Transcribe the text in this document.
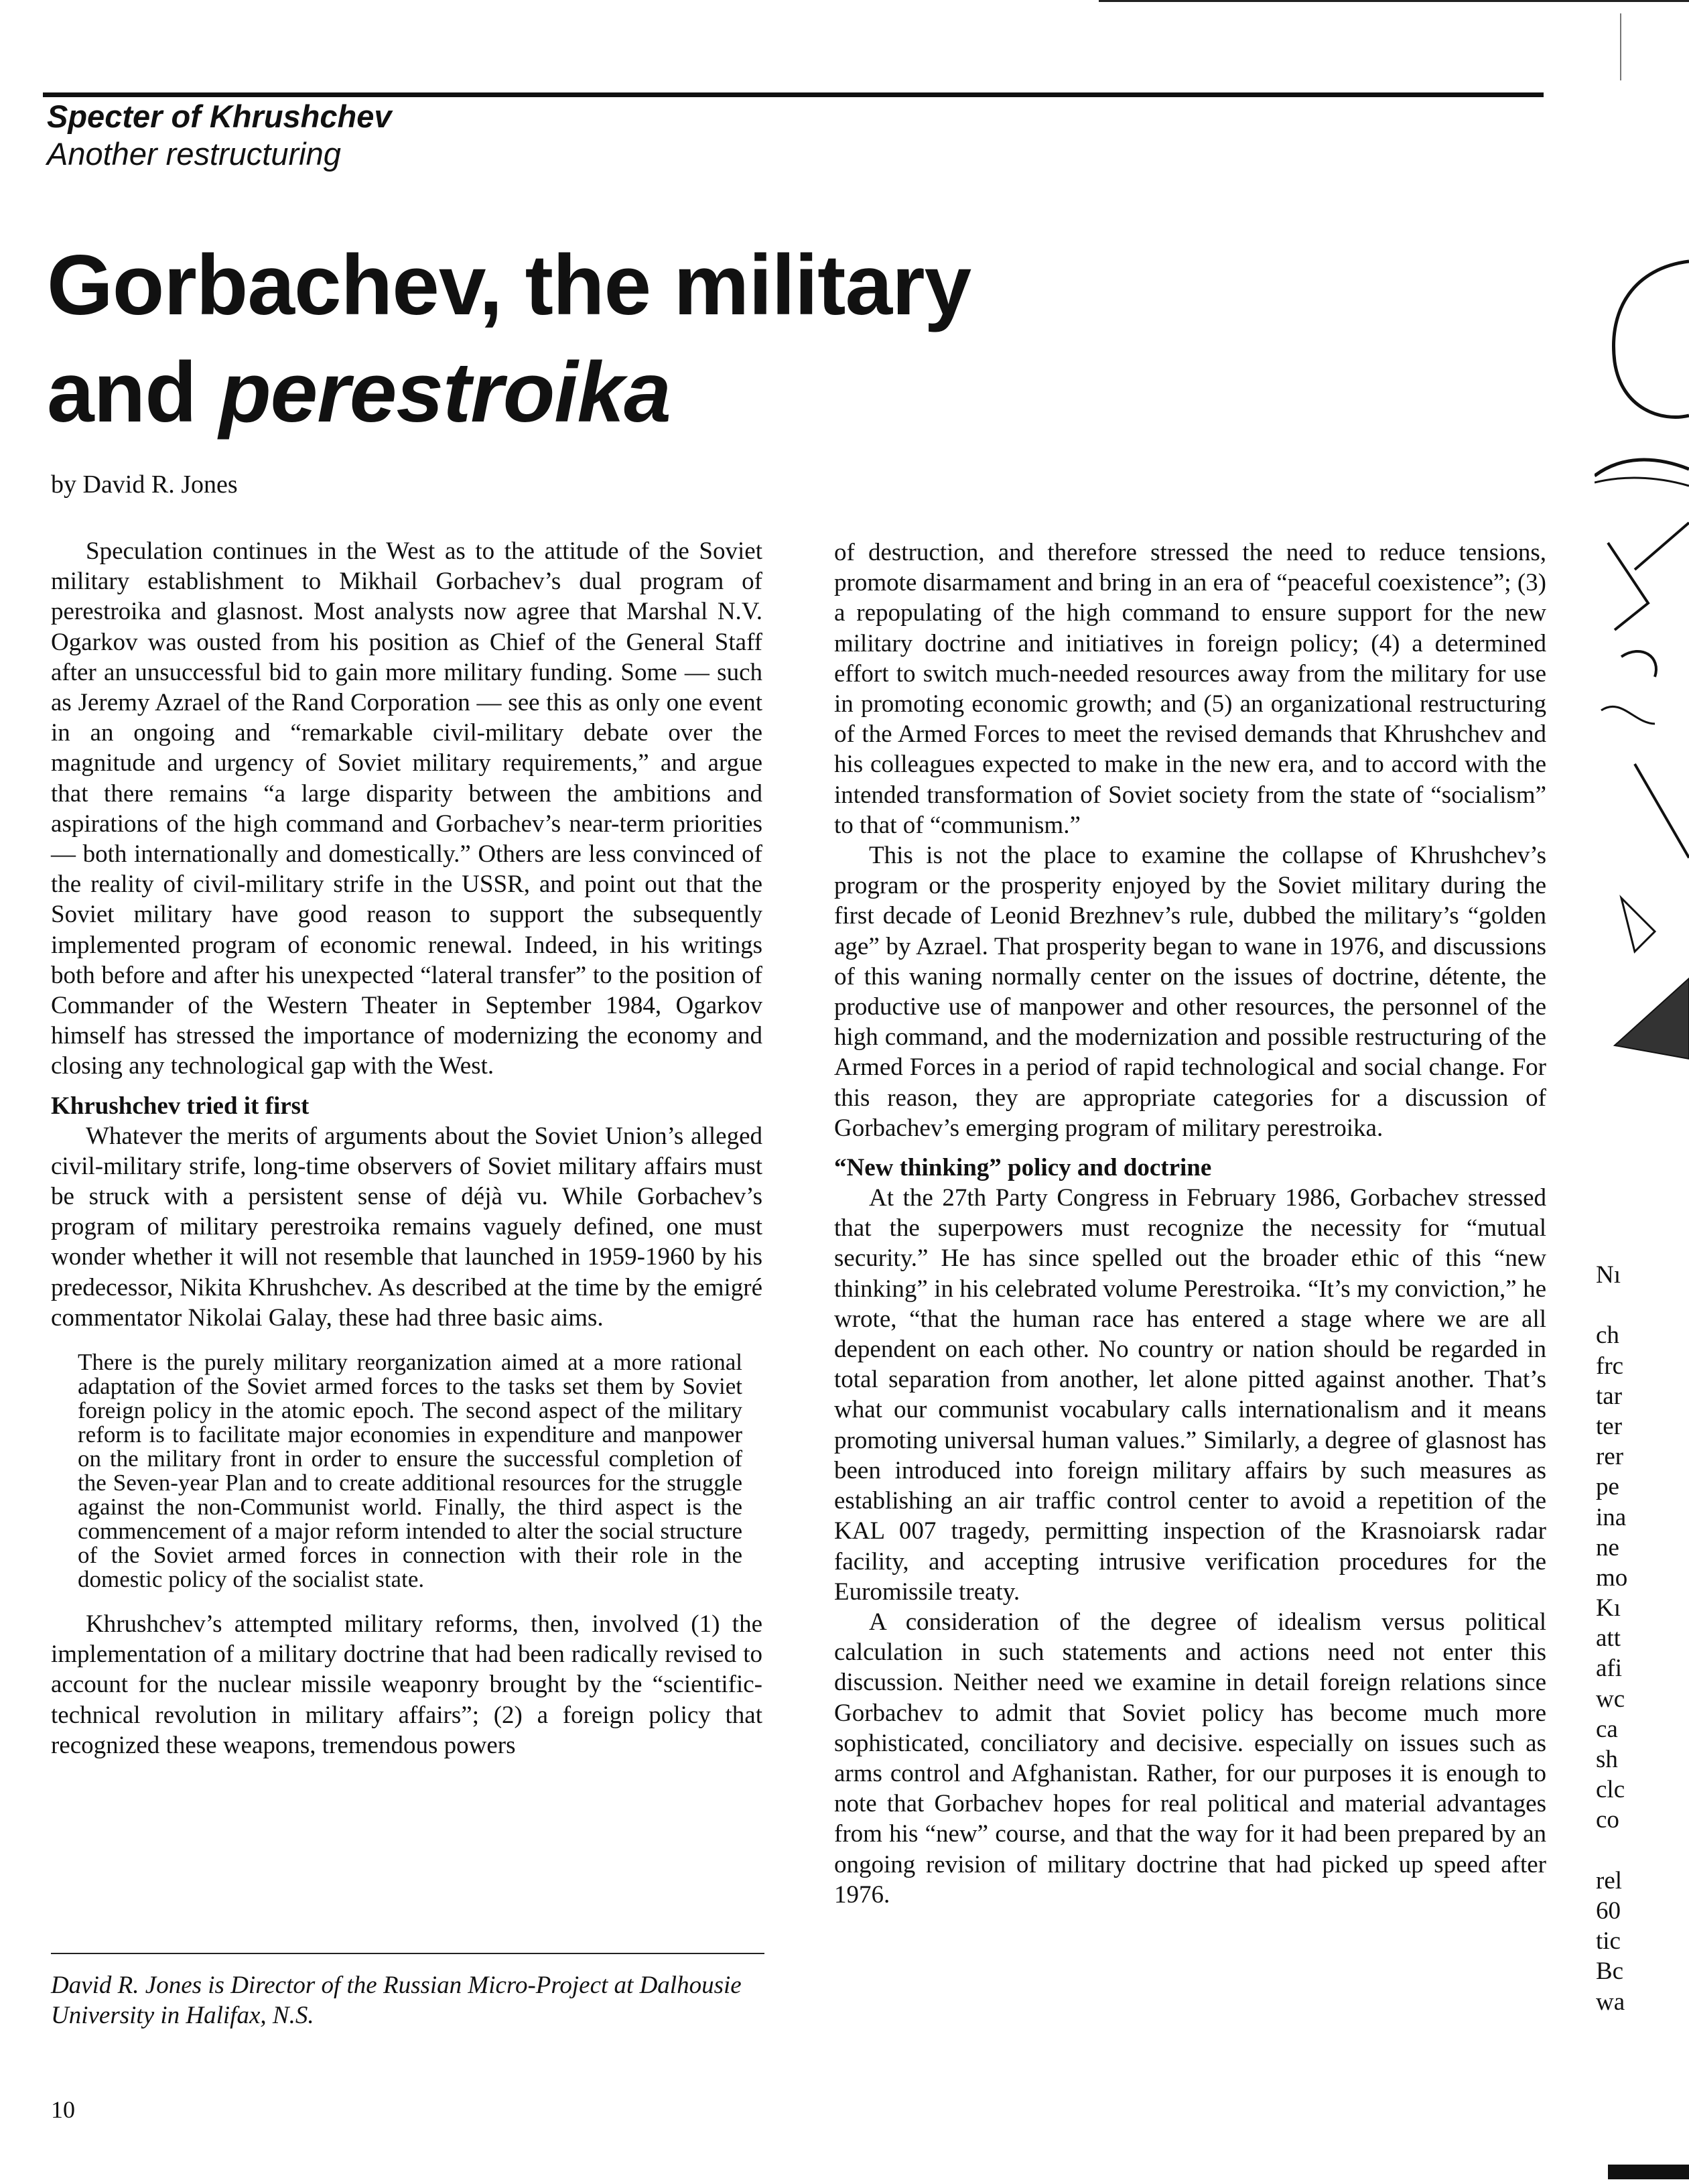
Specter of Khrushchev
Another restructuring
Gorbachev, the military
and perestroika
by David R. Jones

Speculation continues in the West as to the attitude of the Soviet military establishment to Mikhail Gorbachev’s dual program of perestroika and glasnost. Most analysts now agree that Marshal N.V. Ogarkov was ousted from his position as Chief of the General Staff after an unsuccessful bid to gain more military funding. Some — such as Jeremy Azrael of the Rand Corporation — see this as only one event in an ongoing and “remarkable civil-military debate over the magnitude and urgency of Soviet military requirements,” and argue that there remains “a large disparity between the ambitions and aspirations of the high command and Gorbachev’s near-term priorities — both internationally and domestically.” Others are less convinced of the reality of civil-military strife in the USSR, and point out that the Soviet military have good reason to support the subsequently implemented program of economic renewal. Indeed, in his writings both before and after his unexpected “lateral transfer” to the position of Commander of the Western Theater in September 1984, Ogarkov himself has stressed the importance of modernizing the economy and closing any technological gap with the West.

Khrushchev tried it first

Whatever the merits of arguments about the Soviet Union’s alleged civil-military strife, long-time observers of Soviet military affairs must be struck with a persistent sense of déjà vu. While Gorbachev’s program of military perestroika remains vaguely defined, one must wonder whether it will not resemble that launched in 1959-1960 by his predecessor, Nikita Khrushchev. As described at the time by the emigré commentator Nikolai Galay, these had three basic aims.

There is the purely military reorganization aimed at a more rational adaptation of the Soviet armed forces to the tasks set them by Soviet foreign policy in the atomic epoch. The second aspect of the military reform is to facilitate major economies in expenditure and manpower on the military front in order to ensure the successful completion of the Seven-year Plan and to create additional resources for the struggle against the non-Communist world. Finally, the third aspect is the commencement of a major reform intended to alter the social structure of the Soviet armed forces in connection with their role in the domestic policy of the socialist state.

Khrushchev’s attempted military reforms, then, involved (1) the implementation of a military doctrine that had been radically revised to account for the nuclear missile weaponry brought by the “scientific-technical revolution in military affairs”; (2) a foreign policy that recognized these weapons, tremendous powers

of destruction, and therefore stressed the need to reduce tensions, promote disarmament and bring in an era of “peaceful coexistence”; (3) a repopulating of the high command to ensure support for the new military doctrine and initiatives in foreign policy; (4) a determined effort to switch much-needed resources away from the military for use in promoting economic growth; and (5) an organizational restructuring of the Armed Forces to meet the revised demands that Khrushchev and his colleagues expected to make in the new era, and to accord with the intended transformation of Soviet society from the state of “socialism” to that of “communism.”

This is not the place to examine the collapse of Khrushchev’s program or the prosperity enjoyed by the Soviet military during the first decade of Leonid Brezhnev’s rule, dubbed the military’s “golden age” by Azrael. That prosperity began to wane in 1976, and discussions of this waning normally center on the issues of doctrine, détente, the productive use of manpower and other resources, the personnel of the high command, and the modernization and possible restructuring of the Armed Forces in a period of rapid technological and social change. For this reason, they are appropriate categories for a discussion of Gorbachev’s emerging program of military perestroika.

“New thinking” policy and doctrine

At the 27th Party Congress in February 1986, Gorbachev stressed that the superpowers must recognize the necessity for “mutual security.” He has since spelled out the broader ethic of this “new thinking” in his celebrated volume Perestroika. “It’s my conviction,” he wrote, “that the human race has entered a stage where we are all dependent on each other. No country or nation should be regarded in total separation from another, let alone pitted against another. That’s what our communist vocabulary calls internationalism and it means promoting universal human values.” Similarly, a degree of glasnost has been introduced into foreign military affairs by such measures as establishing an air traffic control center to avoid a repetition of the KAL 007 tragedy, permitting inspection of the Krasnoiarsk radar facility, and accepting intrusive verification procedures for the Euromissile treaty.

A consideration of the degree of idealism versus political calculation in such statements and actions need not enter this discussion. Neither need we examine in detail foreign relations since Gorbachev to admit that Soviet policy has become much more sophisticated, conciliatory and decisive. especially on issues such as arms control and Afghanistan. Rather, for our purposes it is enough to note that Gorbachev hopes for real political and material advantages from his “new” course, and that the way for it had been prepared by an ongoing revision of military doctrine that had picked up speed after 1976.

David R. Jones is Director of the Russian Micro-Project at Dalhousie University in Halifax, N.S.
10
Nı
ch
frc
tar
ter
rer
pe
ina
ne
mo
Kı
att
afi
wc
ca
sh
clc
co
rel
60
tic
Bc
wa
